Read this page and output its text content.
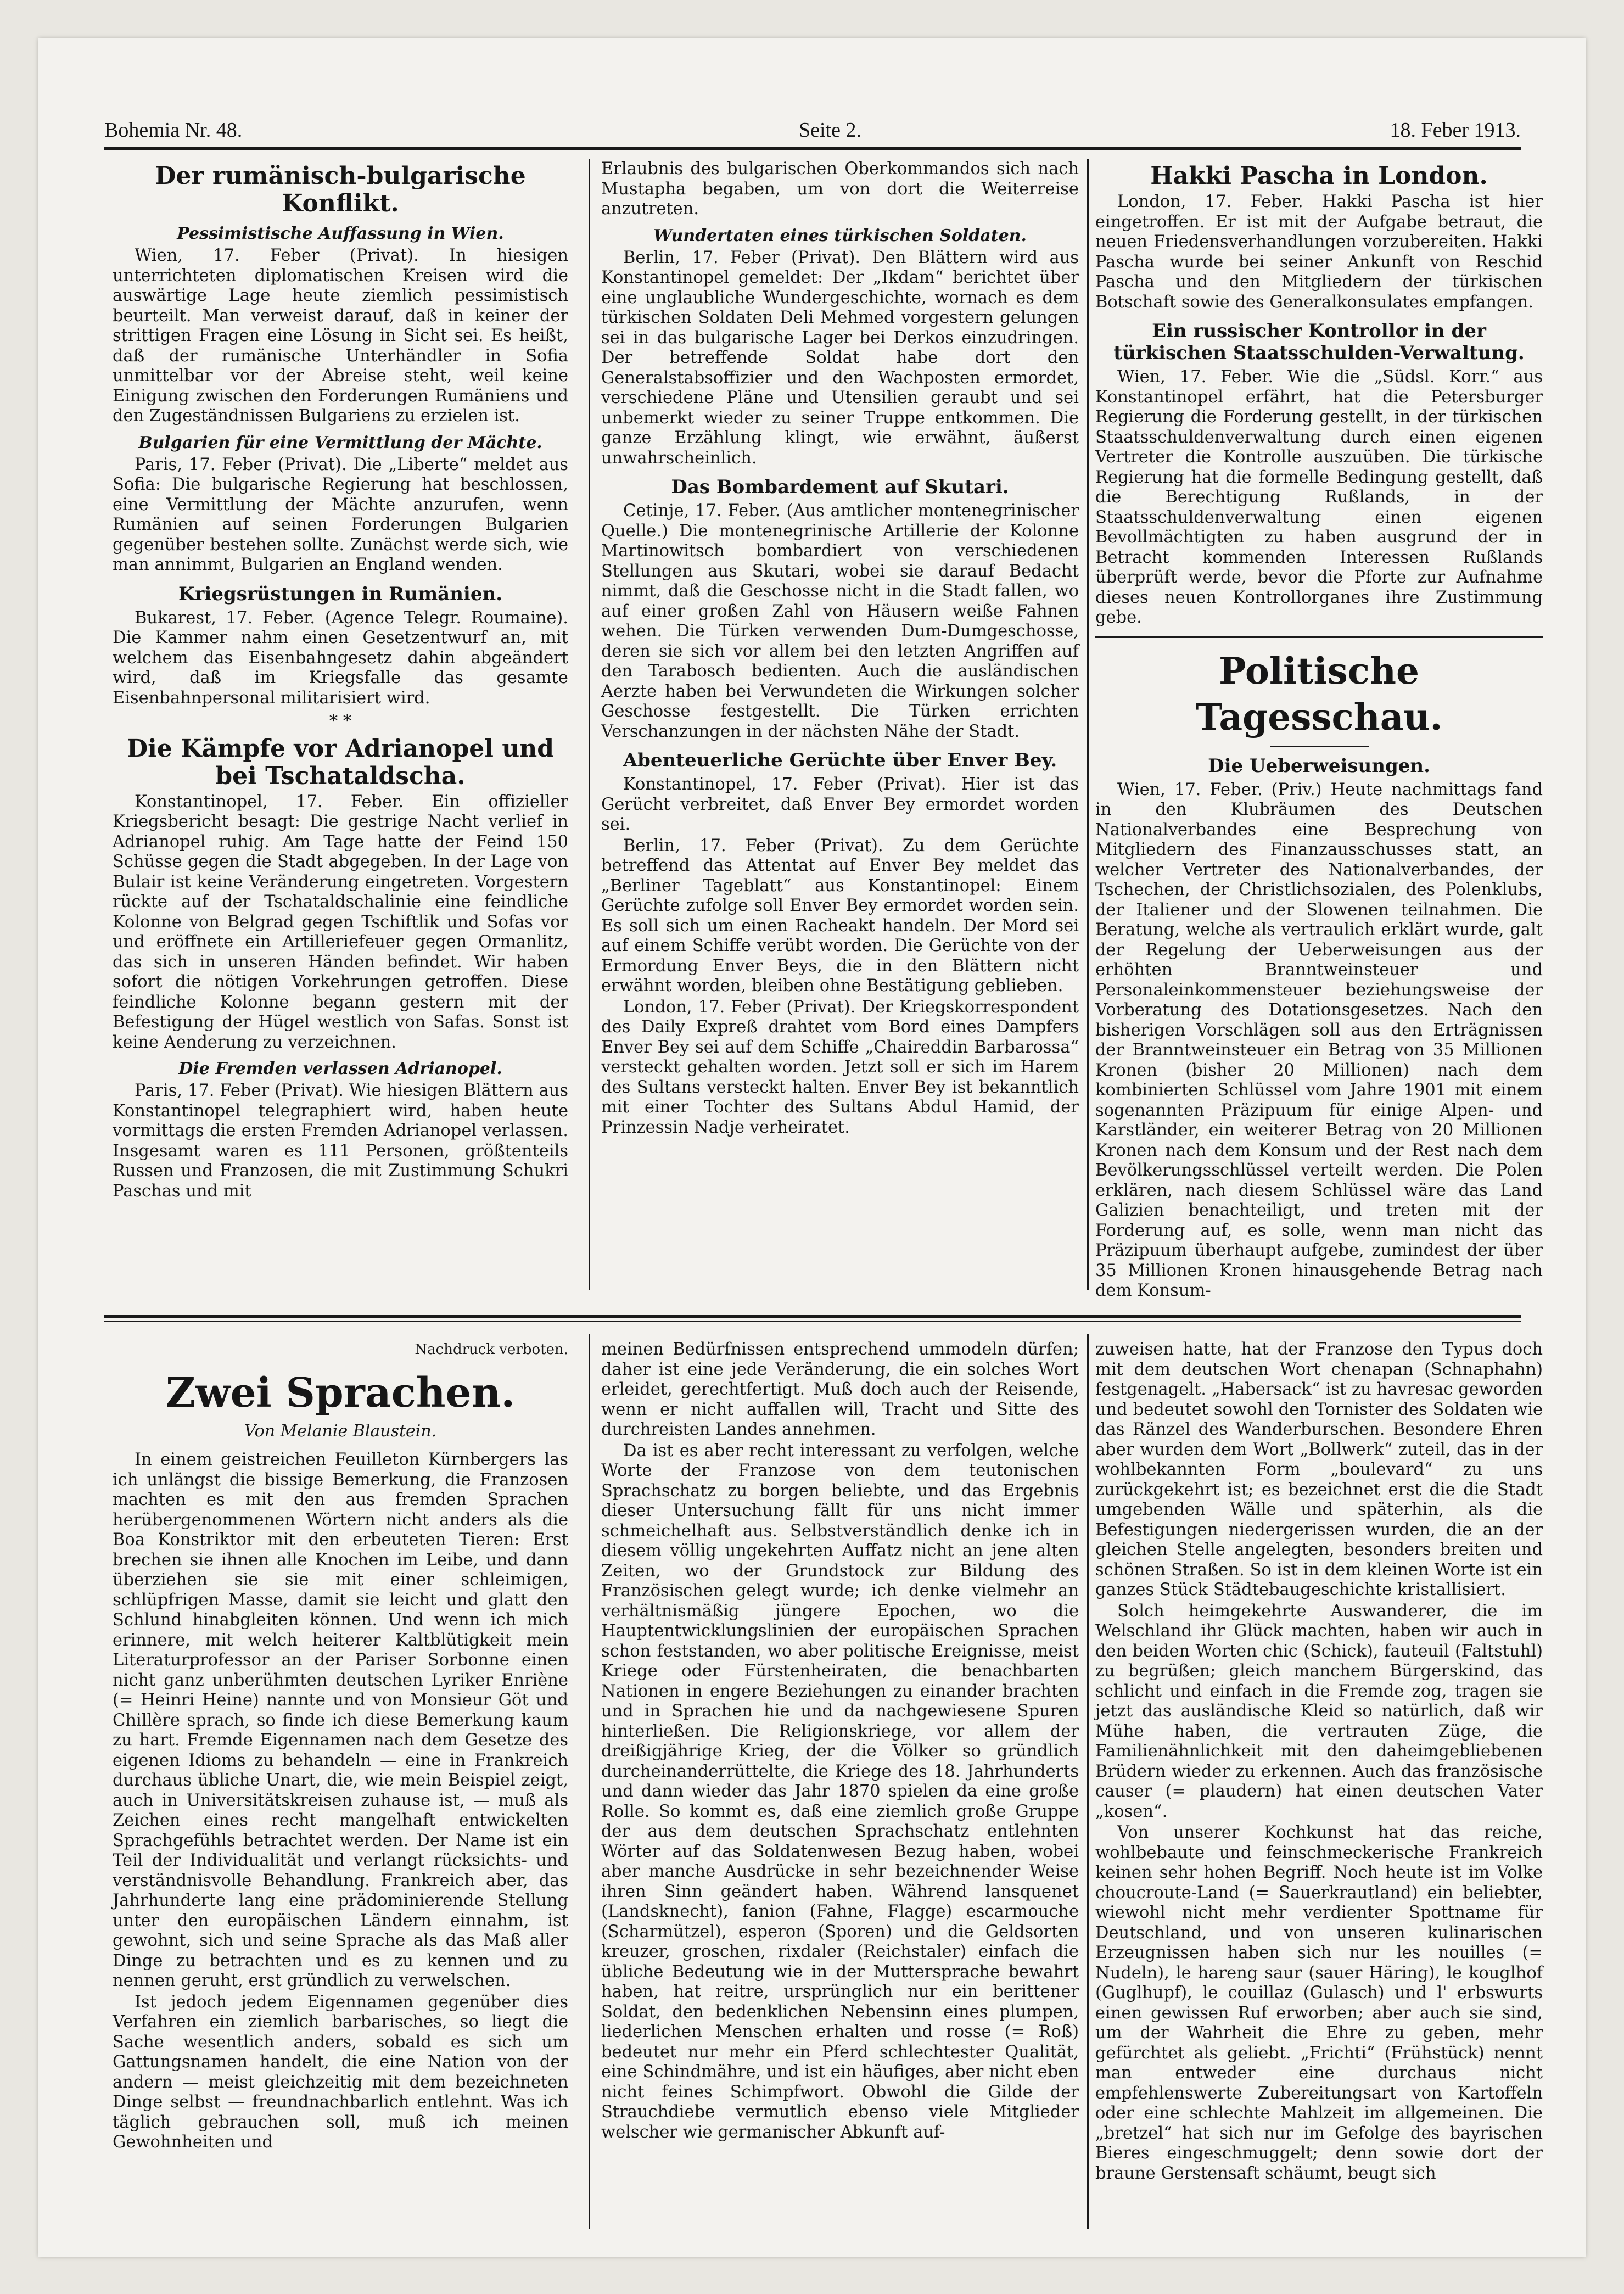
Bohemia Nr. 48.	Seite 2.	18. Feber 1913.
Der rumänisch-bulgarische Konflikt.
Pessimistische Auffassung in Wien.

Wien, 17. Feber (Privat). In hiesigen unterrichteten diplomatischen Kreisen wird die auswärtige Lage heute ziemlich pessimistisch beurteilt. Man verweist darauf, daß in keiner der strittigen Fragen eine Lösung in Sicht sei. Es heißt, daß der rumänische Unterhändler in Sofia unmittelbar vor der Abreise steht, weil keine Einigung zwischen den Forderungen Rumäniens und den Zugeständnissen Bulgariens zu erzielen ist.

Bulgarien für eine Vermittlung der Mächte.

Paris, 17. Feber (Privat). Die „Liberte“ meldet aus Sofia: Die bulgarische Regierung hat beschlossen, eine Vermittlung der Mächte anzurufen, wenn Rumänien auf seinen Forderungen Bulgarien gegenüber bestehen sollte. Zunächst werde sich, wie man annimmt, Bulgarien an England wenden.

Kriegsrüstungen in Rumänien.

Bukarest, 17. Feber. (Agence Telegr. Roumaine). Die Kammer nahm einen Gesetzentwurf an, mit welchem das Eisenbahngesetz dahin abgeändert wird, daß im Kriegsfalle das gesamte Eisenbahnpersonal militarisiert wird.

* *
Die Kämpfe vor Adrianopel und bei Tschataldscha.

Konstantinopel, 17. Feber. Ein offizieller Kriegsbericht besagt: Die gestrige Nacht verlief in Adrianopel ruhig. Am Tage hatte der Feind 150 Schüsse gegen die Stadt abgegeben. In der Lage von Bulair ist keine Veränderung eingetreten. Vorgestern rückte auf der Tschataldschalinie eine feindliche Kolonne von Belgrad gegen Tschiftlik und Sofas vor und eröffnete ein Artilleriefeuer gegen Ormanlitz, das sich in unseren Händen befindet. Wir haben sofort die nötigen Vorkehrungen getroffen. Diese feindliche Kolonne begann gestern mit der Befestigung der Hügel westlich von Safas. Sonst ist keine Aenderung zu verzeichnen.

Die Fremden verlassen Adrianopel.

Paris, 17. Feber (Privat). Wie hiesigen Blättern aus Konstantinopel telegraphiert wird, haben heute vormittags die ersten Fremden Adrianopel verlassen. Insgesamt waren es 111 Personen, größtenteils Russen und Franzosen, die mit Zustimmung Schukri Paschas und mit

Erlaubnis des bulgarischen Oberkommandos sich nach Mustapha begaben, um von dort die Weiterreise anzutreten.

Wundertaten eines türkischen Soldaten.

Berlin, 17. Feber (Privat). Den Blättern wird aus Konstantinopel gemeldet: Der „Ikdam“ berichtet über eine unglaubliche Wundergeschichte, wornach es dem türkischen Soldaten Deli Mehmed vorgestern gelungen sei in das bulgarische Lager bei Derkos einzudringen. Der betreffende Soldat habe dort den Generalstabsoffizier und den Wachposten ermordet, verschiedene Pläne und Utensilien geraubt und sei unbemerkt wieder zu seiner Truppe entkommen. Die ganze Erzählung klingt, wie erwähnt, äußerst unwahrscheinlich.

Das Bombardement auf Skutari.

Cetinje, 17. Feber. (Aus amtlicher montenegrinischer Quelle.) Die montenegrinische Artillerie der Kolonne Martinowitsch bombardiert von verschiedenen Stellungen aus Skutari, wobei sie darauf Bedacht nimmt, daß die Geschosse nicht in die Stadt fallen, wo auf einer großen Zahl von Häusern weiße Fahnen wehen. Die Türken verwenden Dum-Dumgeschosse, deren sie sich vor allem bei den letzten Angriffen auf den Tarabosch bedienten. Auch die ausländischen Aerzte haben bei Verwundeten die Wirkungen solcher Geschosse festgestellt. Die Türken errichten Verschanzungen in der nächsten Nähe der Stadt.

Abenteuerliche Gerüchte über Enver Bey.

Konstantinopel, 17. Feber (Privat). Hier ist das Gerücht verbreitet, daß Enver Bey ermordet worden sei.

Berlin, 17. Feber (Privat). Zu dem Gerüchte betreffend das Attentat auf Enver Bey meldet das „Berliner Tageblatt“ aus Konstantinopel: Einem Gerüchte zufolge soll Enver Bey ermordet worden sein. Es soll sich um einen Racheakt handeln. Der Mord sei auf einem Schiffe verübt worden. Die Gerüchte von der Ermordung Enver Beys, die in den Blättern nicht erwähnt worden, bleiben ohne Bestätigung geblieben.

London, 17. Feber (Privat). Der Kriegskorrespondent des Daily Expreß drahtet vom Bord eines Dampfers Enver Bey sei auf dem Schiffe „Chaireddin Barbarossa“ versteckt gehalten worden. Jetzt soll er sich im Harem des Sultans versteckt halten. Enver Bey ist bekanntlich mit einer Tochter des Sultans Abdul Hamid, der Prinzessin Nadje verheiratet.

Hakki Pascha in London.

London, 17. Feber. Hakki Pascha ist hier eingetroffen. Er ist mit der Aufgabe betraut, die neuen Friedensverhandlungen vorzubereiten. Hakki Pascha wurde bei seiner Ankunft von Reschid Pascha und den Mitgliedern der türkischen Botschaft sowie des Generalkonsulates empfangen.

Ein russischer Kontrollor in der türkischen Staatsschulden-Verwaltung.

Wien, 17. Feber. Wie die „Südsl. Korr.“ aus Konstantinopel erfährt, hat die Petersburger Regierung die Forderung gestellt, in der türkischen Staatsschuldenverwaltung durch einen eigenen Vertreter die Kontrolle auszuüben. Die türkische Regierung hat die formelle Bedingung gestellt, daß die Berechtigung Rußlands, in der Staatsschuldenverwaltung einen eigenen Bevollmächtigten zu haben ausgrund der in Betracht kommenden Interessen Rußlands überprüft werde, bevor die Pforte zur Aufnahme dieses neuen Kontrollorganes ihre Zustimmung gebe.

Politische Tagesschau.
Die Ueberweisungen.

Wien, 17. Feber. (Priv.) Heute nachmittags fand in den Klubräumen des Deutschen Nationalverbandes eine Besprechung von Mitgliedern des Finanzausschusses statt, an welcher Vertreter des Nationalverbandes, der Tschechen, der Christlichsozialen, des Polenklubs, der Italiener und der Slowenen teilnahmen. Die Beratung, welche als vertraulich erklärt wurde, galt der Regelung der Ueberweisungen aus der erhöhten Branntweinsteuer und Personaleinkommensteuer beziehungsweise der Vorberatung des Dotationsgesetzes. Nach den bisherigen Vorschlägen soll aus den Erträgnissen der Branntweinsteuer ein Betrag von 35 Millionen Kronen (bisher 20 Millionen) nach dem kombinierten Schlüssel vom Jahre 1901 mit einem sogenannten Präzipuum für einige Alpen- und Karstländer, ein weiterer Betrag von 20 Millionen Kronen nach dem Konsum und der Rest nach dem Bevölkerungsschlüssel verteilt werden. Die Polen erklären, nach diesem Schlüssel wäre das Land Galizien benachteiligt, und treten mit der Forderung auf, es solle, wenn man nicht das Präzipuum überhaupt aufgebe, zumindest der über 35 Millionen Kronen hinausgehende Betrag nach dem Konsum-

Nachdruck verboten.
Zwei Sprachen.
Von Melanie Blaustein.

In einem geistreichen Feuilleton Kürnbergers las ich unlängst die bissige Bemerkung, die Franzosen machten es mit den aus fremden Sprachen herübergenommenen Wörtern nicht anders als die Boa Konstriktor mit den erbeuteten Tieren: Erst brechen sie ihnen alle Knochen im Leibe, und dann überziehen sie sie mit einer schleimigen, schlüpfrigen Masse, damit sie leicht und glatt den Schlund hinabgleiten können. Und wenn ich mich erinnere, mit welch heiterer Kaltblütigkeit mein Literaturprofessor an der Pariser Sorbonne einen nicht ganz unberühmten deutschen Lyriker Enriène (= Heinri Heine) nannte und von Monsieur Göt und Chillère sprach, so finde ich diese Bemerkung kaum zu hart. Fremde Eigennamen nach dem Gesetze des eigenen Idioms zu behandeln — eine in Frankreich durchaus übliche Unart, die, wie mein Beispiel zeigt, auch in Universitätskreisen zuhause ist, — muß als Zeichen eines recht mangelhaft entwickelten Sprachgefühls betrachtet werden. Der Name ist ein Teil der Individualität und verlangt rücksichts- und verständnisvolle Behandlung. Frankreich aber, das Jahrhunderte lang eine prädominierende Stellung unter den europäischen Ländern einnahm, ist gewohnt, sich und seine Sprache als das Maß aller Dinge zu betrachten und es zu kennen und zu nennen geruht, erst gründlich zu verwelschen.

Ist jedoch jedem Eigennamen gegenüber dies Verfahren ein ziemlich barbarisches, so liegt die Sache wesentlich anders, sobald es sich um Gattungsnamen handelt, die eine Nation von der andern — meist gleichzeitig mit dem bezeichneten Dinge selbst — freundnachbarlich entlehnt. Was ich täglich gebrauchen soll, muß ich meinen Gewohnheiten und

meinen Bedürfnissen entsprechend ummodeln dürfen; daher ist eine jede Veränderung, die ein solches Wort erleidet, gerechtfertigt. Muß doch auch der Reisende, wenn er nicht auffallen will, Tracht und Sitte des durchreisten Landes annehmen.

Da ist es aber recht interessant zu verfolgen, welche Worte der Franzose von dem teutonischen Sprachschatz zu borgen beliebte, und das Ergebnis dieser Untersuchung fällt für uns nicht immer schmeichelhaft aus. Selbstverständlich denke ich in diesem völlig ungekehrten Auffatz nicht an jene alten Zeiten, wo der Grundstock zur Bildung des Französischen gelegt wurde; ich denke vielmehr an verhältnismäßig jüngere Epochen, wo die Hauptentwicklungslinien der europäischen Sprachen schon feststanden, wo aber politische Ereignisse, meist Kriege oder Fürstenheiraten, die benachbarten Nationen in engere Beziehungen zu einander brachten und in Sprachen hie und da nachgewiesene Spuren hinterließen. Die Religionskriege, vor allem der dreißigjährige Krieg, der die Völker so gründlich durcheinanderrüttelte, die Kriege des 18. Jahrhunderts und dann wieder das Jahr 1870 spielen da eine große Rolle. So kommt es, daß eine ziemlich große Gruppe der aus dem deutschen Sprachschatz entlehnten Wörter auf das Soldatenwesen Bezug haben, wobei aber manche Ausdrücke in sehr bezeichnender Weise ihren Sinn geändert haben. Während lansquenet (Landsknecht), fanion (Fahne, Flagge) escarmouche (Scharmützel), esperon (Sporen) und die Geldsorten kreuzer, groschen, rixdaler (Reichstaler) einfach die übliche Bedeutung wie in der Muttersprache bewahrt haben, hat reitre, ursprünglich nur ein berittener Soldat, den bedenklichen Nebensinn eines plumpen, liederlichen Menschen erhalten und rosse (= Roß) bedeutet nur mehr ein Pferd schlechtester Qualität, eine Schindmähre, und ist ein häufiges, aber nicht eben nicht feines Schimpfwort. Obwohl die Gilde der Strauchdiebe vermutlich ebenso viele Mitglieder welscher wie germanischer Abkunft auf-

zuweisen hatte, hat der Franzose den Typus doch mit dem deutschen Wort chenapan (Schnaphahn) festgenagelt. „Habersack“ ist zu havresac geworden und bedeutet sowohl den Tornister des Soldaten wie das Ränzel des Wanderburschen. Besondere Ehren aber wurden dem Wort „Bollwerk“ zuteil, das in der wohlbekannten Form „boulevard“ zu uns zurückgekehrt ist; es bezeichnet erst die die Stadt umgebenden Wälle und späterhin, als die Befestigungen niedergerissen wurden, die an der gleichen Stelle angelegten, besonders breiten und schönen Straßen. So ist in dem kleinen Worte ist ein ganzes Stück Städtebaugeschichte kristallisiert.

Solch heimgekehrte Auswanderer, die im Welschland ihr Glück machten, haben wir auch in den beiden Worten chic (Schick), fauteuil (Faltstuhl) zu begrüßen; gleich manchem Bürgerskind, das schlicht und einfach in die Fremde zog, tragen sie jetzt das ausländische Kleid so natürlich, daß wir Mühe haben, die vertrauten Züge, die Familienähnlichkeit mit den daheimgebliebenen Brüdern wieder zu erkennen. Auch das französische causer (= plaudern) hat einen deutschen Vater „kosen“.

Von unserer Kochkunst hat das reiche, wohlbebaute und feinschmeckerische Frankreich keinen sehr hohen Begriff. Noch heute ist im Volke choucroute-Land (= Sauerkrautland) ein beliebter, wiewohl nicht mehr verdienter Spottname für Deutschland, und von unseren kulinarischen Erzeugnissen haben sich nur les nouilles (= Nudeln), le hareng saur (sauer Häring), le kouglhof (Guglhupf), le couillaz (Gulasch) und l' erbswurts einen gewissen Ruf erworben; aber auch sie sind, um der Wahrheit die Ehre zu geben, mehr gefürchtet als geliebt. „Frichti“ (Frühstück) nennt man entweder eine durchaus nicht empfehlenswerte Zubereitungsart von Kartoffeln oder eine schlechte Mahlzeit im allgemeinen. Die „bretzel“ hat sich nur im Gefolge des bayrischen Bieres eingeschmuggelt; denn sowie dort der braune Gerstensaft schäumt, beugt sich
